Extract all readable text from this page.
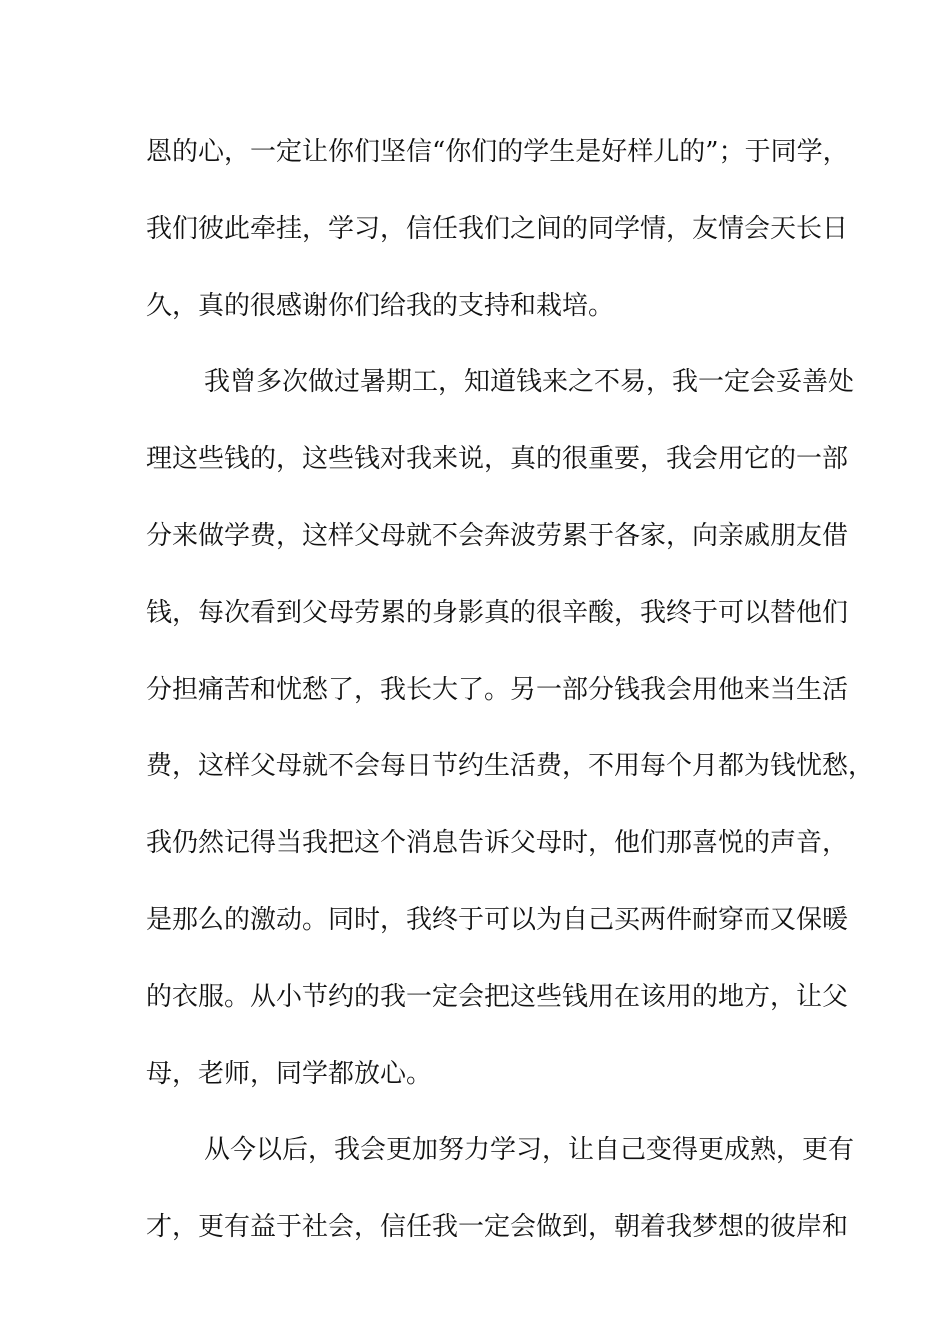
恩的心，一定让你们坚信“你们的学生是好样儿的”；于同学，
我们彼此牵挂，学习，信任我们之间的同学情，友情会天长日
久，真的很感谢你们给我的支持和栽培。
我曾多次做过暑期工，知道钱来之不易，我一定会妥善处
理这些钱的，这些钱对我来说，真的很重要，我会用它的一部
分来做学费，这样父母就不会奔波劳累于各家，向亲戚朋友借
钱，每次看到父母劳累的身影真的很辛酸，我终于可以替他们
分担痛苦和忧愁了，我长大了。另一部分钱我会用他来当生活
费，这样父母就不会每日节约生活费，不用每个月都为钱忧愁，
我仍然记得当我把这个消息告诉父母时，他们那喜悦的声音，
是那么的激动。同时，我终于可以为自己买两件耐穿而又保暖
的衣服。从小节约的我一定会把这些钱用在该用的地方，让父
母，老师，同学都放心。
从今以后，我会更加努力学习，让自己变得更成熟，更有
才，更有益于社会，信任我一定会做到，朝着我梦想的彼岸和
